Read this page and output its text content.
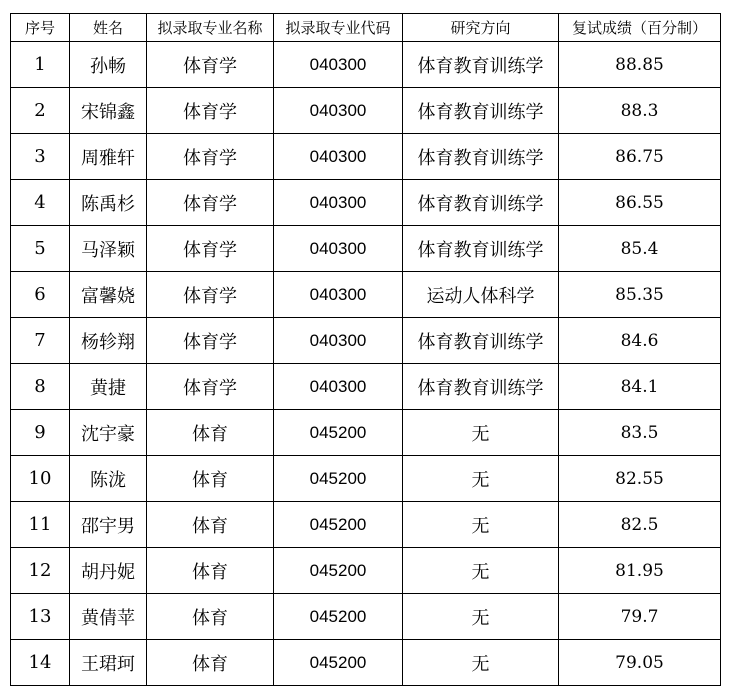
序号	姓名	拟录取专业名称	拟录取专业代码	研究方向	复试成绩（百分制）
1	孙畅	体育学	040300	体育教育训练学	88.85
2	宋锦鑫	体育学	040300	体育教育训练学	88.3
3	周雅轩	体育学	040300	体育教育训练学	86.75
4	陈禹杉	体育学	040300	体育教育训练学	86.55
5	马泽颖	体育学	040300	体育教育训练学	85.4
6	富馨娆	体育学	040300	运动人体科学	85.35
7	杨轸翔	体育学	040300	体育教育训练学	84.6
8	黄捷	体育学	040300	体育教育训练学	84.1
9	沈宇豪	体育	045200	无	83.5
10	陈泷	体育	045200	无	82.55
11	邵宇男	体育	045200	无	82.5
12	胡丹妮	体育	045200	无	81.95
13	黄倩苹	体育	045200	无	79.7
14	王珺珂	体育	045200	无	79.05
